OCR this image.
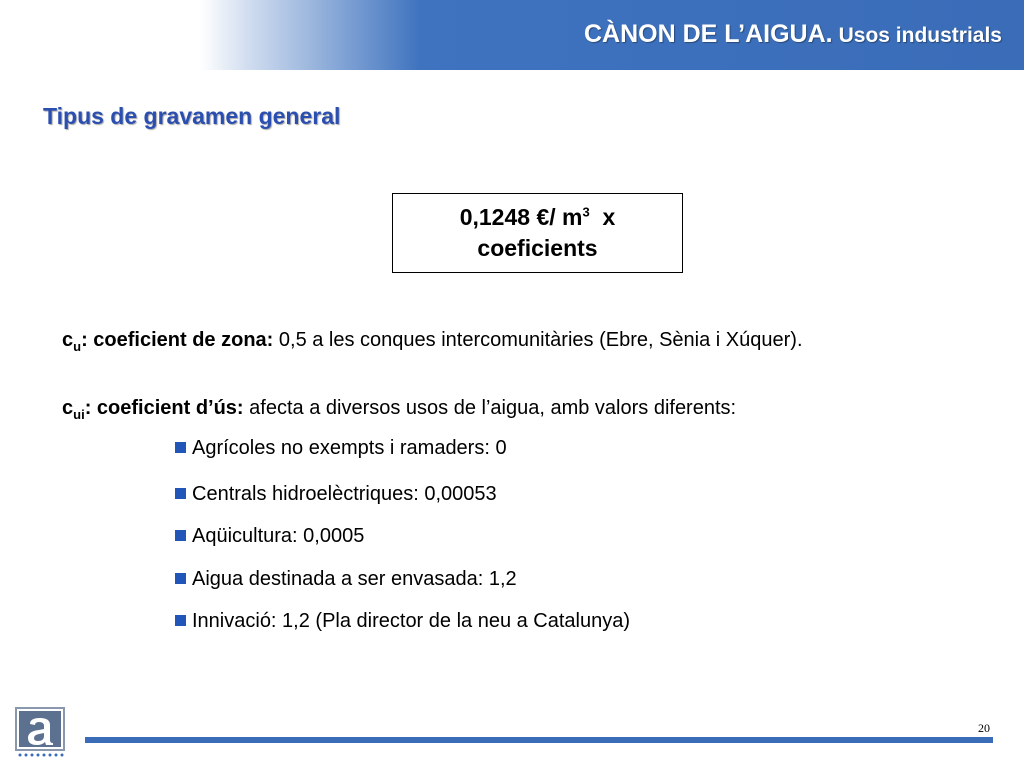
CÀNON DE L’AIGUA. Usos industrials
Tipus de gravamen general
0,1248 €/ $m^3$ x
coeficients
$c_u$: coeficient de zona: 0,5 a les conques intercomunitàries (Ebre, Sènia i Xúquer).
$c_{ui}$: coeficient d’ús: afecta a diversos usos de l’aigua, amb valors diferents:
Agrícoles no exempts i ramaders: 0
Centrals hidroelèctriques: 0,00053
Aqüicultura: 0,0005
Aigua destinada a ser envasada: 1,2
Innivació: 1,2 (Pla director de la neu a Catalunya)
20
